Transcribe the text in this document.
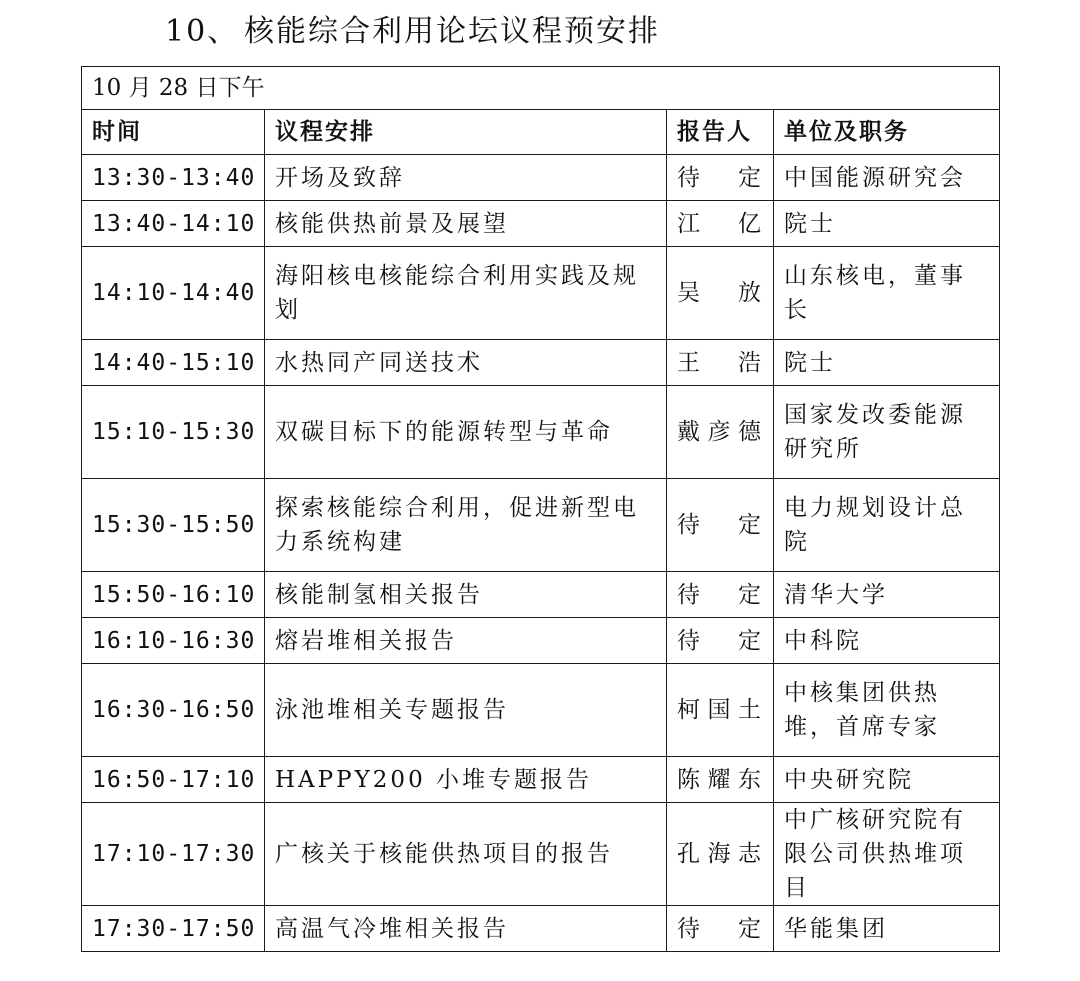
10、 核能综合利用论坛议程预安排
10 月 28 日下午			
时间	议程安排	报告人	单位及职务
13:30-13:40	开场及致辞	待 定	中国能源研究会
13:40-14:10	核能供热前景及展望	江 亿	院士
14:10-14:40	海阳核电核能综合利用实践及规划	吴 放	山东核电，董事长
14:40-15:10	水热同产同送技术	王 浩	院士
15:10-15:30	双碳目标下的能源转型与革命	戴彦德	国家发改委能源研究所
15:30-15:50	探索核能综合利用，促进新型电力系统构建	待 定	电力规划设计总院
15:50-16:10	核能制氢相关报告	待 定	清华大学
16:10-16:30	熔岩堆相关报告	待 定	中科院
16:30-16:50	泳池堆相关专题报告	柯国土	中核集团供热堆，首席专家
16:50-17:10	HAPPY200 小堆专题报告	陈耀东	中央研究院
17:10-17:30	广核关于核能供热项目的报告	孔海志	中广核研究院有限公司供热堆项目
17:30-17:50	高温气冷堆相关报告	待 定	华能集团
